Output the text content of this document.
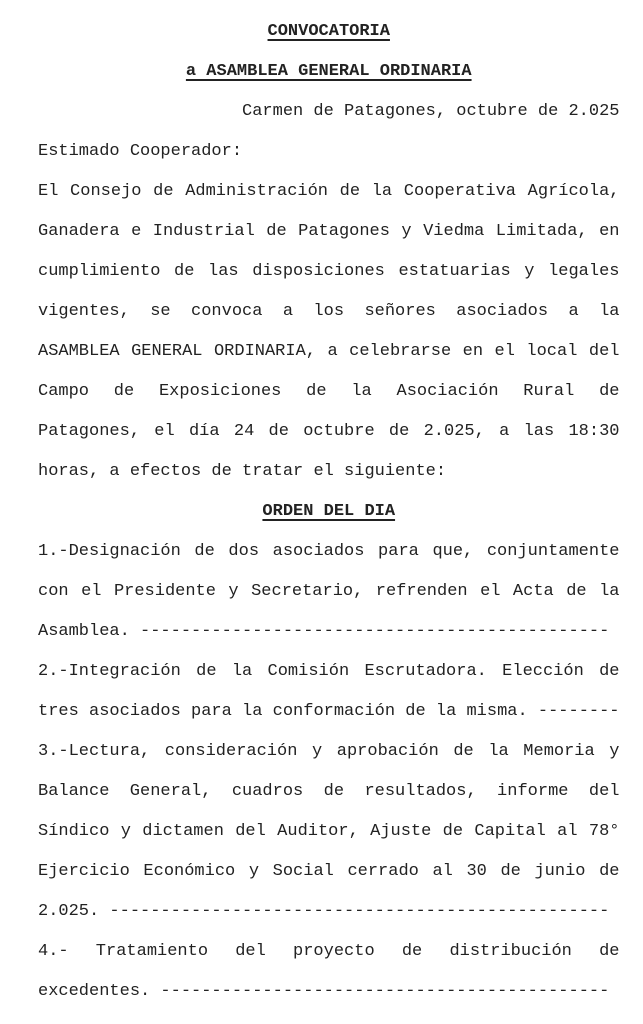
CONVOCATORIA
a ASAMBLEA GENERAL ORDINARIA
Carmen de Patagones, octubre de 2.025
Estimado Cooperador:

El Consejo de Administración de la Cooperativa Agrícola, Ganadera e Industrial de Patagones y Viedma Limitada, en cumplimiento de las disposiciones estatuarias y legales vigentes, se convoca a los señores asociados a la ASAMBLEA GENERAL ORDINARIA, a celebrarse en el local del Campo de Exposiciones de la Asociación Rural de Patagones, el día 24 de octubre de 2.025, a las 18:30 horas, a efectos de tratar el siguiente:

ORDEN DEL DIA

1.-Designación de dos asociados para que, conjuntamente con el Presidente y Secretario, refrenden el Acta de la Asamblea. ----------------------------------------------

2.-Integración de la Comisión Escrutadora. Elección de tres asociados para la conformación de la misma. --------

3.-Lectura, consideración y aprobación de la Memoria y Balance General, cuadros de resultados, informe del Síndico y dictamen del Auditor, Ajuste de Capital al 78° Ejercicio Económico y Social cerrado al 30 de junio de 2.025. -------------------------------------------------

4.- Tratamiento del proyecto de distribución de excedentes. --------------------------------------------
